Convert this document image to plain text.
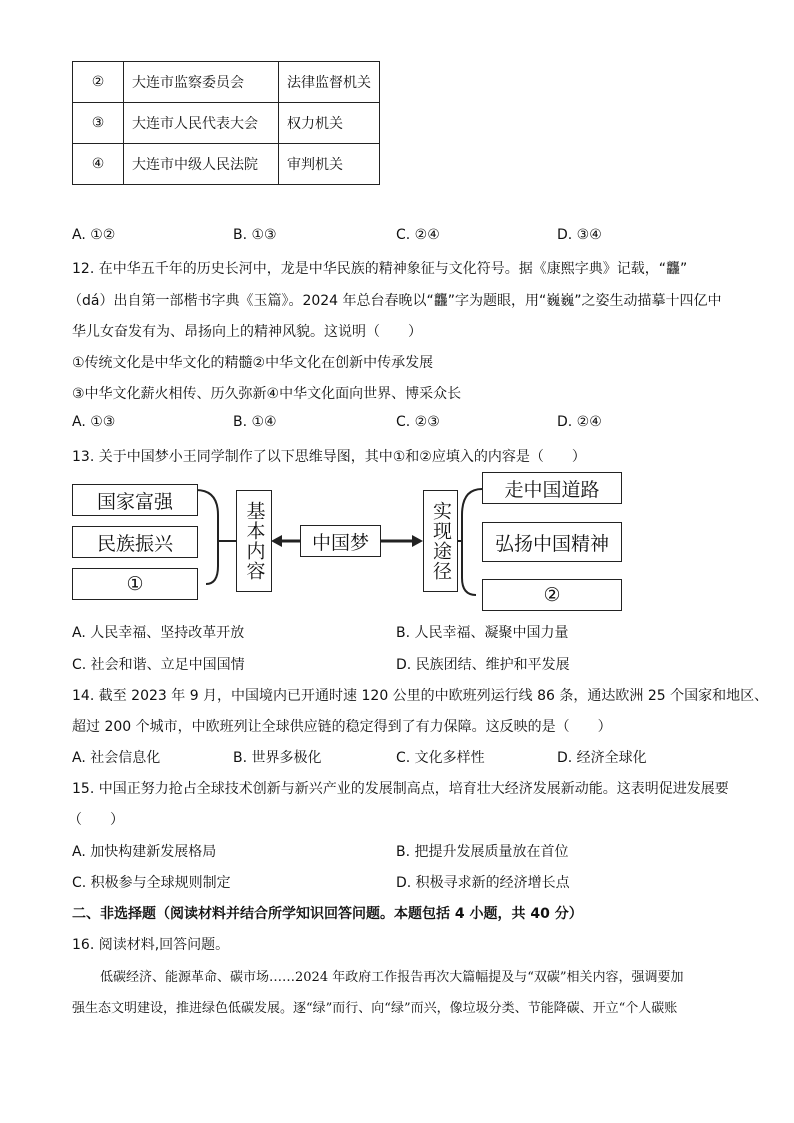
②	大连市监察委员会	法律监督机关
③	大连市人民代表大会	权力机关
④	大连市中级人民法院	审判机关
A. ①②	B. ①③	C. ②④	D. ③④
12. 在中华五千年的历史长河中，龙是中华民族的精神象征与文化符号。据《康熙字典》记载，“龘”
（dá）出自第一部楷书字典《玉篇》。2024 年总台春晚以“龘”字为题眼，用“巍巍”之姿生动描摹十四亿中
华儿女奋发有为、昂扬向上的精神风貌。这说明（　　）
①传统文化是中华文化的精髓②中华文化在创新中传承发展
③中华文化薪火相传、历久弥新④中华文化面向世界、博采众长
A. ①③	B. ①④	C. ②③	D. ②④
13. 关于中国梦小王同学制作了以下思维导图，其中①和②应填入的内容是（　　）
国家富强
民族振兴
①
基本内容	中国梦	实现途径
走中国道路
弘扬中国精神
②
A. 人民幸福、坚持改革开放	B. 人民幸福、凝聚中国力量
C. 社会和谐、立足中国国情	D. 民族团结、维护和平发展
14. 截至 2023 年 9 月，中国境内已开通时速 120 公里的中欧班列运行线 86 条，通达欧洲 25 个国家和地区、
超过 200 个城市，中欧班列让全球供应链的稳定得到了有力保障。这反映的是（　　）
A. 社会信息化	B. 世界多极化	C. 文化多样性	D. 经济全球化
15. 中国正努力抢占全球技术创新与新兴产业的发展制高点，培育壮大经济发展新动能。这表明促进发展要
（　　）
A. 加快构建新发展格局	B. 把提升发展质量放在首位
C. 积极参与全球规则制定	D. 积极寻求新的经济增长点
二、非选择题（阅读材料并结合所学知识回答问题。本题包括 4 小题，共 40 分）
16. 阅读材料,回答问题。
低碳经济、能源革命、碳市场……2024 年政府工作报告再次大篇幅提及与“双碳”相关内容，强调要加
强生态文明建设，推进绿色低碳发展。逐“绿”而行、向“绿”而兴，像垃圾分类、节能降碳、开立“个人碳账
